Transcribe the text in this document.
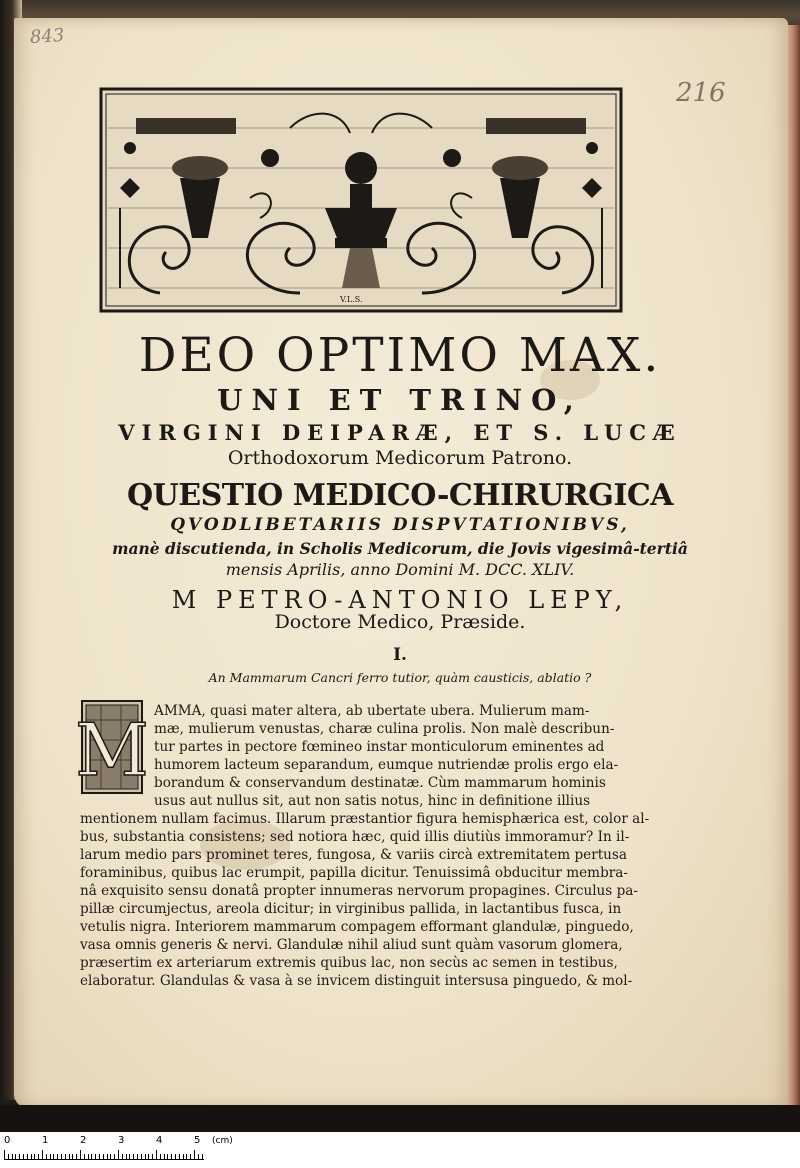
843
216
V.L.S.
DEO OPTIMO MAX.
UNI ET TRINO,
VIRGINI DEIPARÆ, ET S. LUCÆ
Orthodoxorum Medicorum Patrono.
QUESTIO MEDICO-CHIRURGICA
QVODLIBETARIIS DISPVTATIONIBVS,
manè discutienda, in Scholis Medicorum, die Jovis vigesimâ-tertiâ
mensis Aprilis, anno Domini M. DCC. XLIV.
M PETRO-ANTONIO LEPY,
Doctore Medico, Præside.
I.
An Mammarum Cancri ferro tutior, quàm causticis, ablatio ?
M AMMA, quasi mater altera, ab ubertate ubera. Mulierum mam-
mæ, mulierum venustas, charæ culina prolis. Non malè describun-
tur partes in pectore fœmineo instar monticulorum eminentes ad
humorem lacteum separandum, eumque nutriendæ prolis ergo ela-
borandum & conservandum destinatæ. Cùm mammarum hominis
usus aut nullus sit, aut non satis notus, hinc in definitione illius
mentionem nullam facimus. Illarum præstantior figura hemisphærica est, color al-
bus, substantia consistens; sed notiora hæc, quid illis diutiùs immoramur? In il-
larum medio pars prominet teres, fungosa, & variis circà extremitatem pertusa
foraminibus, quibus lac erumpit, papilla dicitur. Tenuissimâ obducitur membra-
nâ exquisito sensu donatâ propter innumeras nervorum propagines. Circulus pa-
pillæ circumjectus, areola dicitur; in virginibus pallida, in lactantibus fusca, in
vetulis nigra. Interiorem mammarum compagem efformant glandulæ, pinguedo,
vasa omnis generis & nervi. Glandulæ nihil aliud sunt quàm vasorum glomera,
præsertim ex arteriarum extremis quibus lac, non secùs ac semen in testibus,
elaboratur. Glandulas & vasa à se invicem distinguit intersusa pinguedo, & mol-
0	1	2	3	4	5 (cm)
